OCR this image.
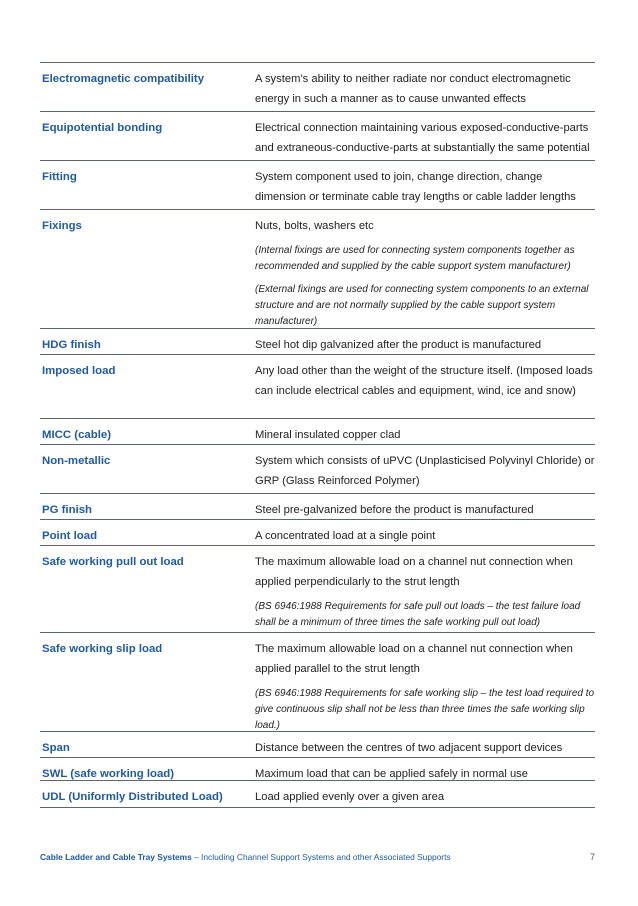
Electromagnetic compatibility	A system’s ability to neither radiate nor conduct electromagnetic energy in such a manner as to cause unwanted effects
Equipotential bonding	Electrical connection maintaining various exposed-conductive-parts and extraneous-conductive-parts at substantially the same potential
Fitting	System component used to join, change direction, change dimension or terminate cable tray lengths or cable ladder lengths
Fixings	Nuts, bolts, washers etc
(Internal fixings are used for connecting system components together as recommended and supplied by the cable support system manufacturer)
(External fixings are used for connecting system components to an external structure and are not normally supplied by the cable support system manufacturer)
HDG finish	Steel hot dip galvanized after the product is manufactured
Imposed load	Any load other than the weight of the structure itself. (Imposed loads can include electrical cables and equipment, wind, ice and snow)
MICC (cable)	Mineral insulated copper clad
Non-metallic	System which consists of uPVC (Unplasticised Polyvinyl Chloride) or GRP (Glass Reinforced Polymer)
PG finish	Steel pre-galvanized before the product is manufactured
Point load	A concentrated load at a single point
Safe working pull out load	The maximum allowable load on a channel nut connection when applied perpendicularly to the strut length
(BS 6946:1988 Requirements for safe pull out loads – the test failure load shall be a minimum of three times the safe working pull out load)
Safe working slip load	The maximum allowable load on a channel nut connection when applied parallel to the strut length
(BS 6946:1988 Requirements for safe working slip – the test load required to give continuous slip shall not be less than three times the safe working slip load.)
Span	Distance between the centres of two adjacent support devices
SWL (safe working load)	Maximum load that can be applied safely in normal use
UDL (Uniformly Distributed Load)	Load applied evenly over a given area
Cable Ladder and Cable Tray Systems – Including Channel Support Systems and other Associated Supports	7
